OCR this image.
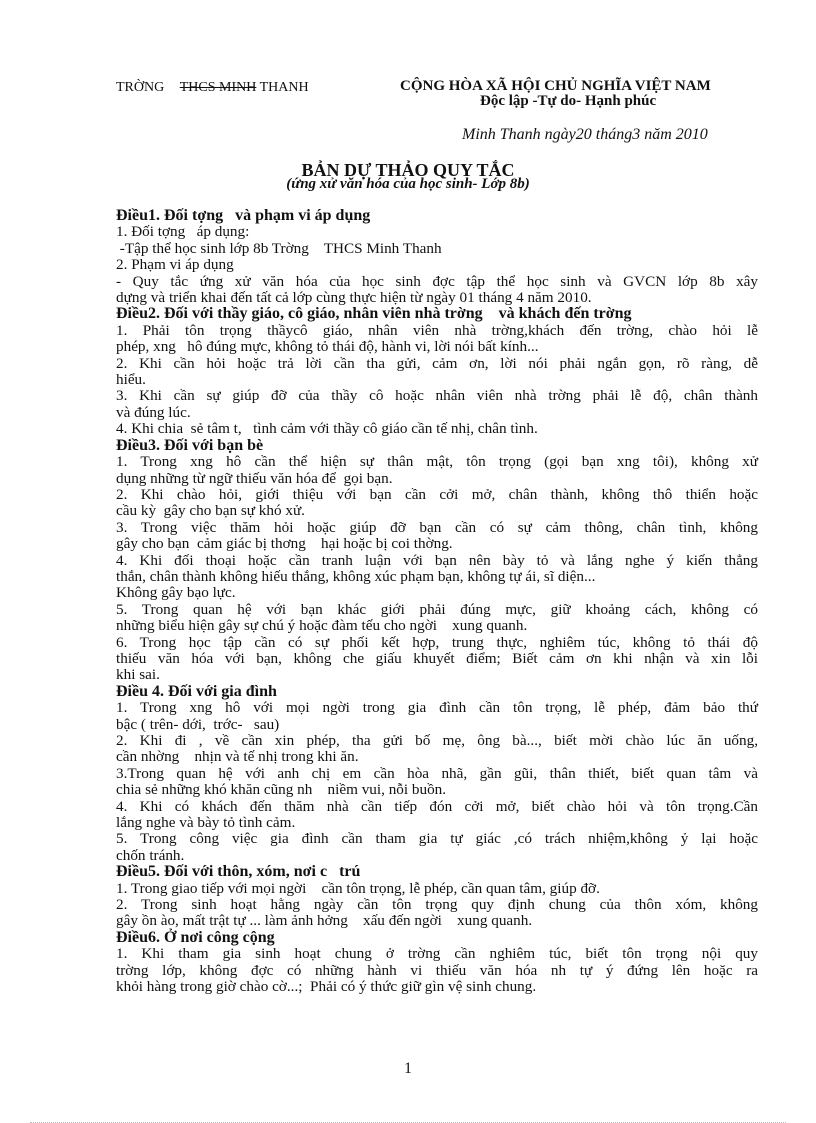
TRỜNG THCS MINH THANH	CỘNG HÒA XÃ HỘI CHỦ NGHĨA VIỆT NAM
Độc lập -Tự do- Hạnh phúc
Minh Thanh ngày20 tháng3 năm 2010
BẢN DỰ THẢO QUY TẮC
(ứng xử văn hóa của học sinh- Lớp 8b)
Điều1. Đối tợng   và phạm vi áp dụng
1. Đối tợng   áp dụng:
-Tập thể học sinh lớp 8b Trờng    THCS Minh Thanh
2. Phạm vi áp dụng
- Quy tắc ứng xử văn hóa của học sinh đợc tập thể học sinh và GVCN lớp 8b xây
dựng và triển khai đến tất cả lớp cùng thực hiện từ ngày 01 tháng 4 năm 2010.
Điều2. Đối với thầy giáo, cô giáo, nhân viên nhà trờng    và khách đến trờng
1. Phải tôn trọng thầycô giáo, nhân viên nhà trờng,khách đến trờng, chào hỏi lễ
phép, xng   hô đúng mực, không tỏ thái độ, hành vi, lời nói bất kính...
2. Khi cần hỏi hoặc trả lời cần tha gửi, cảm ơn, lời nói phải ngắn gọn, rõ ràng, dễ
hiểu.
3. Khi cần sự giúp đỡ của thầy cô hoặc nhân viên nhà trờng phải lễ độ, chân thành
và đúng lúc.
4. Khi chia  sẻ tâm t,   tình cảm với thầy cô giáo cần tế nhị, chân tình.
Điều3. Đối với bạn bè
1. Trong xng hô cần thể hiện sự thân mật, tôn trọng (gọi bạn xng tôi), không xử
dụng những từ ngữ thiếu văn hóa để  gọi bạn.
2. Khi chào hỏi, giới thiệu với bạn cần cởi mở, chân thành, không thô thiển hoặc
cầu kỳ  gây cho bạn sự khó xử.
3. Trong việc thăm hỏi hoặc giúp đỡ bạn cần có sự cảm thông, chân tình, không
gây cho bạn  cảm giác bị thơng    hại hoặc bị coi thờng.
4. Khi đối thoại hoặc cần tranh luận với bạn nên bày tỏ và lắng nghe ý kiến thẳng
thắn, chân thành không hiếu thắng, không xúc phạm bạn, không tự ái, sĩ diện...
Không gây bạo lực.
5. Trong quan hệ với bạn khác giới phải đúng mực, giữ khoảng cách, không có
những biểu hiện gây sự chú ý hoặc đàm tếu cho ngời    xung quanh.
6. Trong học tập cần có sự phối kết hợp, trung thực, nghiêm túc, không tỏ thái độ
thiếu văn hóa với bạn, không che giấu khuyết điểm; Biết cảm ơn khi nhận và xin lỗi
khi sai.
Điều 4. Đối với gia đình
1. Trong xng hô với mọi ngời trong gia đình cần tôn trọng, lễ phép, đảm bảo thứ
bậc ( trên- dới,  trớc-   sau)
2. Khi đi , về cần xin phép, tha gửi bố mẹ, ông bà..., biết mời chào lúc ăn uống,
cần nhờng    nhịn và tế nhị trong khi ăn.
3.Trong quan hệ với anh chị em cần hòa nhã, gần gũi, thân thiết, biết quan tâm và
chia sẻ những khó khăn cũng nh    niềm vui, nỗi buồn.
4. Khi có khách đến thăm nhà cần tiếp đón cởi mở, biết chào hỏi và tôn trọng.Cần
lắng nghe và bày tỏ tình cảm.
5. Trong công việc gia đình cần tham gia tự giác ,có trách nhiệm,không ỷ lại hoặc
chốn tránh.
Điều5. Đối với thôn, xóm, nơi c   trú
1. Trong giao tiếp với mọi ngời    cần tôn trọng, lễ phép, cần quan tâm, giúp đỡ.
2. Trong sinh hoạt hằng ngày cần tôn trọng quy định chung của thôn xóm, không
gây ồn ào, mất trật tự ... làm ảnh hởng    xấu đến ngời    xung quanh.
Điều6. Ở nơi công cộng
1. Khi tham gia sinh hoạt chung ở trờng cần nghiêm túc, biết tôn trọng nội quy
trờng lớp, không đợc có những hành vi thiếu văn hóa nh tự ý đứng lên hoặc ra
khỏi hàng trong giờ chào cờ...;  Phải có ý thức giữ gìn vệ sinh chung.
1
